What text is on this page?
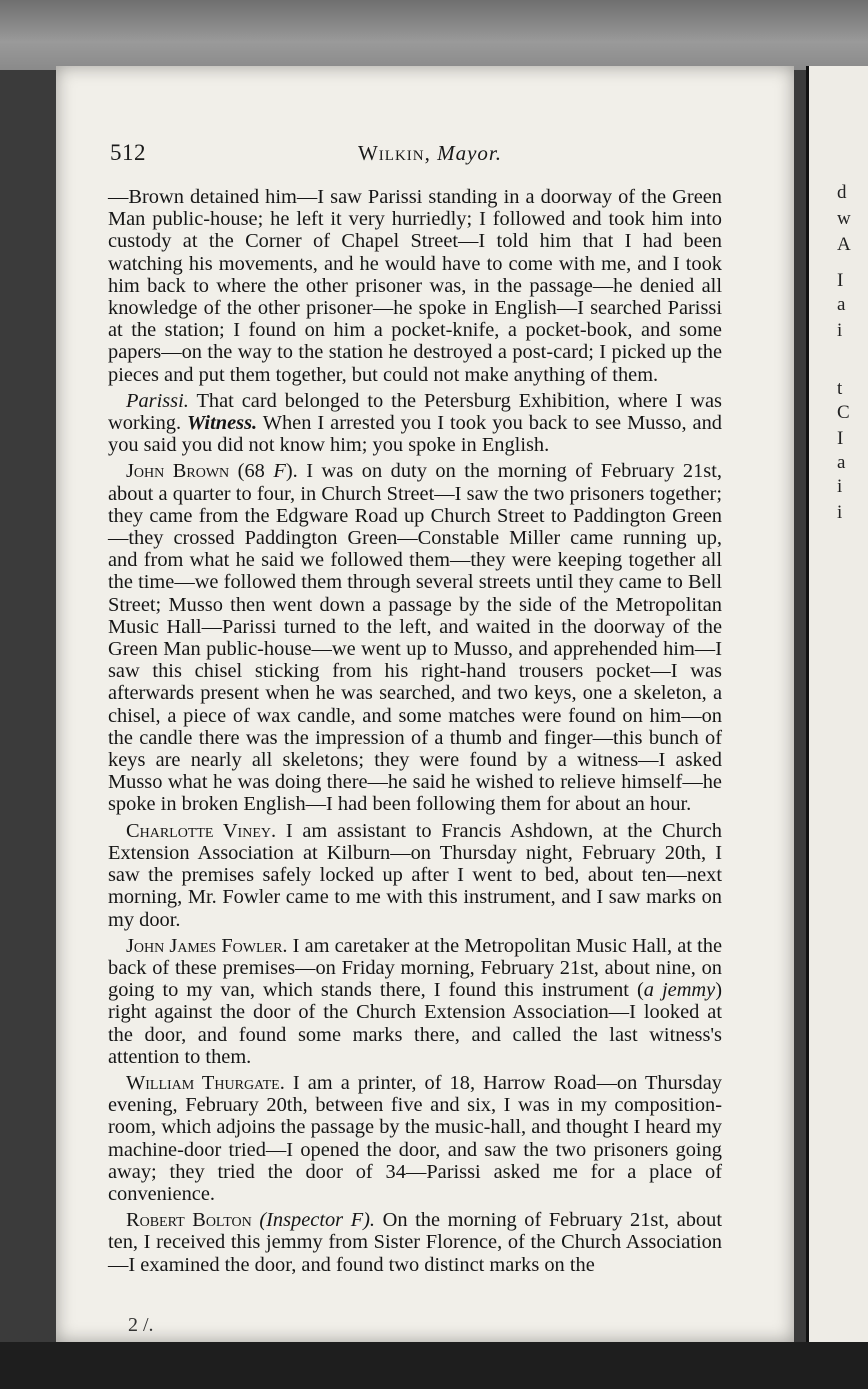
d
w
A
I
a
i
t
C
I
a
i
i
512	Wilkin, Mayor.

—Brown detained him—I saw Parissi standing in a doorway of the Green Man public-house; he left it very hurriedly; I followed and took him into custody at the Corner of Chapel Street—I told him that I had been watching his movements, and he would have to come with me, and I took him back to where the other prisoner was, in the passage—he denied all knowledge of the other prisoner—he spoke in English—I searched Parissi at the station; I found on him a pocket-knife, a pocket-book, and some papers—on the way to the station he destroyed a post-card; I picked up the pieces and put them together, but could not make anything of them.

Parissi. That card belonged to the Petersburg Exhibition, where I was working. Witness. When I arrested you I took you back to see Musso, and you said you did not know him; you spoke in English.

John Brown (68 F). I was on duty on the morning of February 21st, about a quarter to four, in Church Street—I saw the two prisoners together; they came from the Edgware Road up Church Street to Paddington Green—they crossed Paddington Green—Constable Miller came running up, and from what he said we followed them—they were keeping together all the time—we followed them through several streets until they came to Bell Street; Musso then went down a passage by the side of the Metropolitan Music Hall—Parissi turned to the left, and waited in the doorway of the Green Man public-house—we went up to Musso, and apprehended him—I saw this chisel sticking from his right-hand trousers pocket—I was afterwards present when he was searched, and two keys, one a skeleton, a chisel, a piece of wax candle, and some matches were found on him—on the candle there was the impression of a thumb and finger—this bunch of keys are nearly all skeletons; they were found by a witness—I asked Musso what he was doing there—he said he wished to relieve himself—he spoke in broken English—I had been following them for about an hour.

Charlotte Viney. I am assistant to Francis Ashdown, at the Church Extension Association at Kilburn—on Thursday night, February 20th, I saw the premises safely locked up after I went to bed, about ten—next morning, Mr. Fowler came to me with this instrument, and I saw marks on my door.

John James Fowler. I am caretaker at the Metropolitan Music Hall, at the back of these premises—on Friday morning, February 21st, about nine, on going to my van, which stands there, I found this instrument (a jemmy) right against the door of the Church Extension Association—I looked at the door, and found some marks there, and called the last witness's attention to them.

William Thurgate. I am a printer, of 18, Harrow Road—on Thursday evening, February 20th, between five and six, I was in my composition-room, which adjoins the passage by the music-hall, and thought I heard my machine-door tried—I opened the door, and saw the two prisoners going away; they tried the door of 34—Parissi asked me for a place of convenience.

Robert Bolton (Inspector F). On the morning of February 21st, about ten, I received this jemmy from Sister Florence, of the Church Association—I examined the door, and found two distinct marks on the

2 /.
